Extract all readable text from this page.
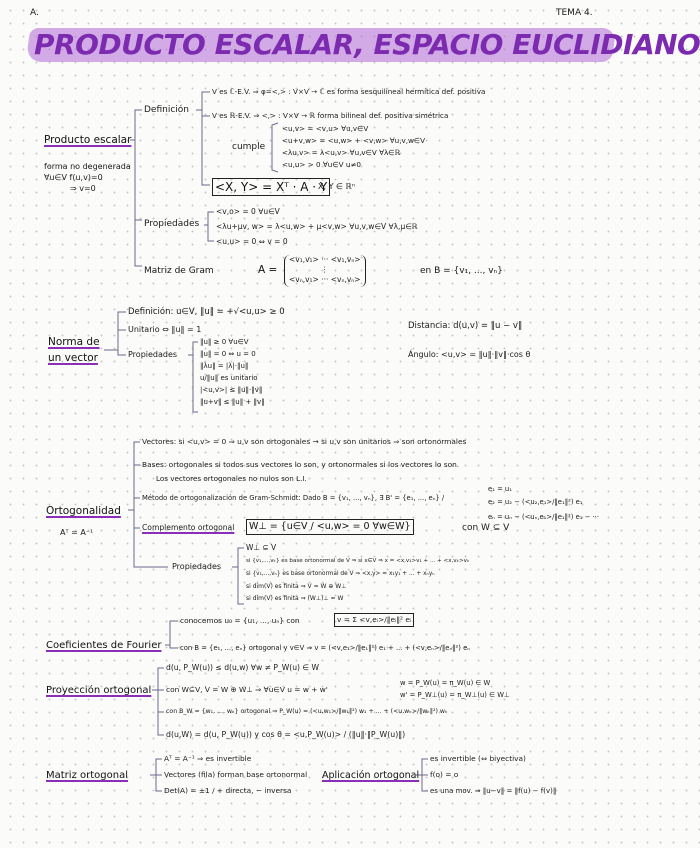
A.	TEMA 4.
PRODUCTO ESCALAR, ESPACIO EUCLIDIANO
Producto escalar
forma no degenerada
∀u∈V f(u,v)=0
⇒ v=0
Definición
V es ℂ-E.V. ⇒ φ=<,> : V×V → ℂ es forma sesquilineal hermítica def. positiva
V es ℝ-E.V. ⇒ <,> : V×V → ℝ forma bilineal def. positiva simétrica
cumple
<u,v> = <v,u> ∀u,v∈V
<u+v,w> = <u,w> + <v,w> ∀u,v,w∈V
<λu,v> = λ<u,v> ∀u,v∈V ∀λ∈ℝ
<u,u> > 0 ∀u∈V u≠0
<X, Y> = Xᵀ · A · Y
X, Y ∈ ℝⁿ
Propiedades
<v,o> = 0 ∀u∈V
<λu+μv, w> = λ<u,w> + μ<v,w> ∀u,v,w∈V ∀λ,μ∈ℝ
<u,u> = 0 ⇔ v = 0
Matriz de Gram	A =
<v₁,v₁> ··· <v₁,vₙ>
⋮
<vₙ,v₁> ··· <vₙ,vₙ>
en B = {v₁, ..., vₙ}
Norma de
un vector
Definición: u∈V, ‖u‖ = +√<u,u> ≥ 0
Unitario ⇔ ‖u‖ = 1
Propiedades
‖u‖ ≥ 0 ∀u∈V
‖u‖ = 0 ⇔ u = 0
‖λu‖ = |λ|·‖u‖
u/‖u‖ es unitario
|<u,v>| ≤ ‖u‖·‖v‖
‖u+v‖ ≤ ‖u‖ + ‖v‖
Distancia: d(u,v) = ‖u − v‖
Ángulo: <u,v> = ‖u‖·‖v‖·cos θ
Ortogonalidad
Aᵀ = A⁻¹
Vectores: si <u,v> = 0 ⇒ u,v son ortogonales → si u,v son unitarios ⇒ son ortonormales
Bases: ortogonales si todos sus vectores lo son, y ortonormales si los vectores lo son.
Los vectores ortogonales no nulos son L.I.
Método de ortogonalización de Gram-Schmidt: Dado B = {v₁, ..., vₙ}, ∃ B' = {e₁, ..., eₙ} /
e₁ = u₁
e₂ = u₂ − (<u₂,e₁>/‖e₁‖²) e₁
eₙ = uₙ − (<uₙ,e₁>/‖e₁‖²) e₁ − ···
Complemento ortogonal	W⊥ = {u∈V / <u,w> = 0 ∀w∈W}	con W ⊆ V
Propiedades
W⊥ ⊆ V
si {v₁,...,vₖ} es base ortonormal de V ⇒ si x∈V ⇒ x = <x,v₁>v₁ + ... + <x,vₖ>vₖ
si {v₁,...,vₙ} es base ortonormal de V ⇒ <x,y> = x₁y₁ + ... + xₙyₙ
si dim(V) es finita ⇒ V = W ⊕ W⊥
si dim(V) es finita ⇒ (W⊥)⊥ = W
Coeficientes de Fourier
conocemos u₀ = {u₁, ..., uₙ} con	v = Σ <v,eᵢ>/‖eᵢ‖² eᵢ
con B = {e₁, ..., eₙ} ortogonal y v∈V ⇒ v = (<v,e₁>/‖e₁‖²) e₁ + ... + (<v,eₙ>/‖eₙ‖²) eₙ
Proyección ortogonal
d(u, P_W(u)) ≤ d(u,w) ∀w ≠ P_W(u) ∈ W
con W⊆V, V = W ⊕ W⊥ ⇒ ∀u∈V u = w + w'
w = P_W(u) = π_W(u) ∈ W
w' = P_W⊥(u) = π_W⊥(u) ∈ W⊥
con B_W = {w₁, ..., wₖ} ortogonal ⇒ P_W(u) = (<u,w₁>/‖w₁‖²) w₁ + ... + (<u,wₖ>/‖wₖ‖²) wₖ
d(u,W) = d(u, P_W(u)) y cos θ = <u,P_W(u)> / (‖u‖·‖P_W(u)‖)
Matriz ortogonal
Aᵀ = A⁻¹ ⇒ es invertible
Vectores (fila) forman base ortonormal
Det(A) = ±1 / + directa, − inversa
Aplicación ortogonal
es invertible (⇔ biyectiva)
f(o) = o
es una mov. ⇒ ‖u−v‖ = ‖f(u) − f(v)‖
